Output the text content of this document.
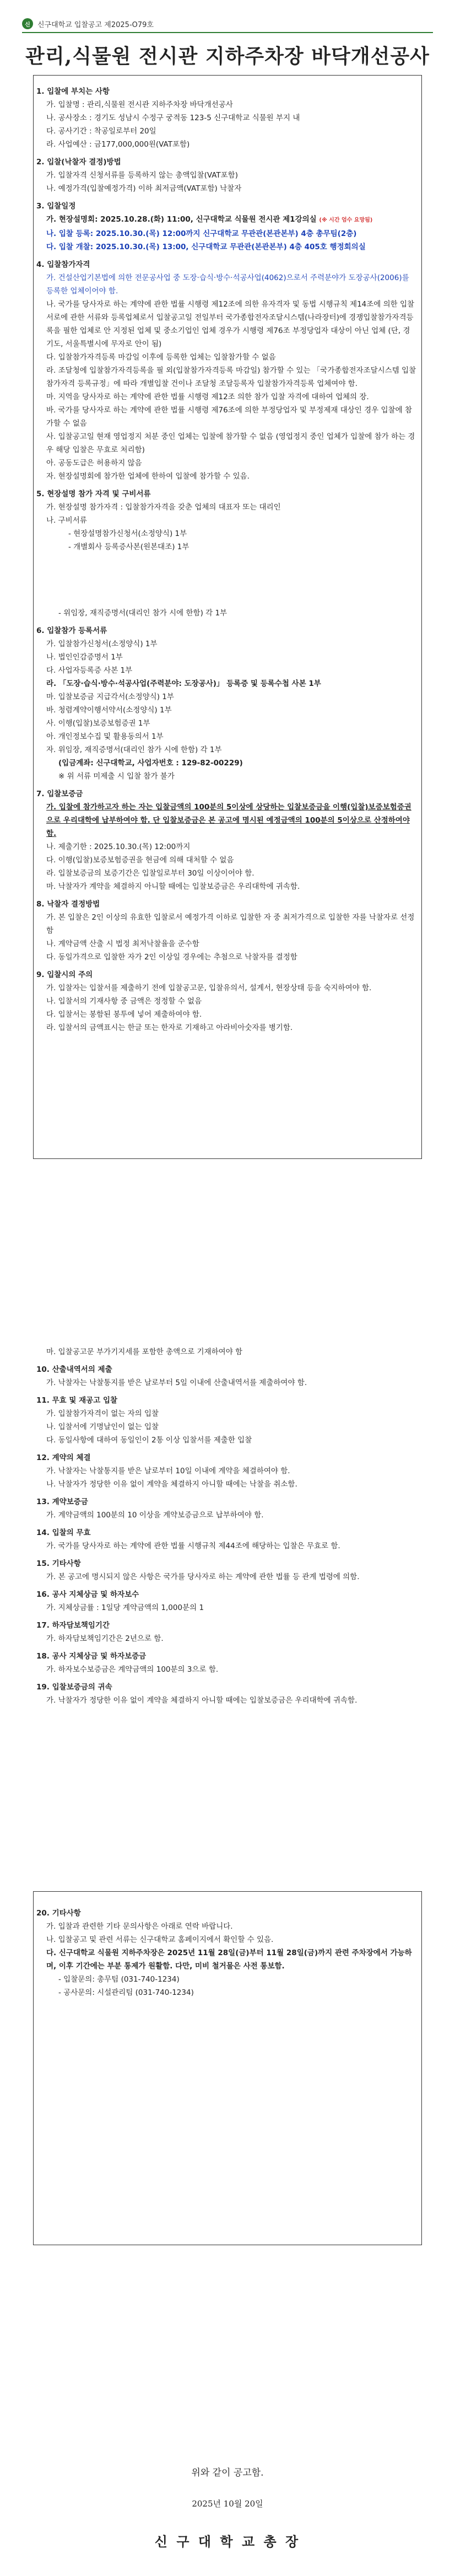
신	신구대학교 입찰공고 제2025-O79호
관리,식물원 전시관 지하주차장 바닥개선공사

1. 입찰에 부치는 사항

가. 입찰명 : 관리,식물원 전시관 지하주차장 바닥개선공사

나. 공사장소 : 경기도 성남시 수정구 궁적동 123-5 신구대학교 식물원 부지 내

다. 공사기간 : 착공일로부터 20일

라. 사업예산 : 금177,000,000원(VAT포함)

2. 입찰(낙찰자 결정)방법

가. 입찰자격 신청서류를 등록하지 않는 총액입찰(VAT포함)

나. 예정가격(입찰예정가격) 이하 최저금액(VAT포함) 낙찰자

3. 입찰일정

가. 현장설명회: 2025.10.28.(화) 11:00, 신구대학교 식물원 전시관 제1강의실 (※ 시간 엄수 요망됨)

나. 입찰 등록: 2025.10.30.(목) 12:00까지 신구대학교 무관관(본관본부) 4층 총무팀(2층)

다. 입찰 개찰: 2025.10.30.(목) 13:00, 신구대학교 무관관(본관본부) 4층 405호 행정회의실

4. 입찰참가자격

가. 건설산업기본법에 의한 전문공사업 중 도장·습식·방수·석공사업(4062)으로서 주력분야가 도장공사(2006)를 등록한 업체이어야 함.

나. 국가를 당사자로 하는 계약에 관한 법률 시행령 제12조에 의한 유자격자 및 동법 시행규칙 제14조에 의한 입찰서로에 관한 서류와 등록업체로서 입찰공고일 전일부터 국가종합전자조달시스템(나라장터)에 경쟁입찰참가자격등록을 필한 업체로 안 지정된 업체 및 중소기업인 업체 경우가 시행령 제76조 부정당업자 대상이 아닌 업체 (단, 경기도, 서울특별시에 무자로 안이 됨)

다. 입찰참가자격등록 마감일 이후에 등록한 업체는 입찰참가할 수 없음

라. 조달청에 입찰참가자격등록을 필 외(입찰참가자격등록 마감일) 참가할 수 있는 「국가종합전자조달시스템 입찰참가자격 등록규정」에 따라 개별입찰 건이나 조달청 조달등록자 입찰참가자격등록 업체여야 함.

마. 지역을 당사자로 하는 계약에 관한 법률 시행령 제12조 의한 참가 입찰 자격에 대하여 업체의 장.

바. 국가를 당사자로 하는 계약에 관한 법률 시행령 제76조에 의한 부정당업자 및 부정제재 대상인 경우 입찰에 참가할 수 없음

사. 입찰공고일 현재 영업정지 처분 중인 업체는 입찰에 참가할 수 없음 (영업정지 중인 업체가 입찰에 참가 하는 경우 해당 입찰은 무효로 처리함)

아. 공동도급은 허용하지 않음

자. 현장설명회에 참가한 업체에 한하여 입찰에 참가할 수 있음.

5. 현장설명 참가 자격 및 구비서류

가. 현장설명 참가자격 : 입찰참가자격을 갖춘 업체의 대표자 또는 대리인

나. 구비서류

- 현장설명참가신청서(소정양식) 1부

- 개별회사 등록증사본(원본대조) 1부

- 위임장, 재직증명서(대리인 참가 시에 한함) 각 1부

6. 입찰참가 등록서류

가. 입찰참가신청서(소정양식) 1부

나. 법인인감증명서 1부

다. 사업자등록증 사본 1부

라. 「도장·습식·방수·석공사업(주력분야: 도장공사)」 등록증 및 등록수첩 사본 1부

마. 입찰보증금 지급각서(소정양식) 1부

바. 청렴계약이행서약서(소정양식) 1부

사. 이행(입찰)보증보험증권 1부

아. 개인정보수집 및 활용동의서 1부

자. 위임장, 재직증명서(대리인 참가 시에 한함) 각 1부

(입금계좌: 신구대학교, 사업자번호 : 129-82-00229)

※ 위 서류 미제출 시 입찰 참가 불가

7. 입찰보증금

가. 입찰에 참가하고자 하는 자는 입찰금액의 100분의 5이상에 상당하는 입찰보증금을 이행(입찰)보증보험증권으로 우리대학에 납부하여야 함. 단 입찰보증금은 본 공고에 명시된 예정금액의 100분의 5이상으로 산정하여야 함.

나. 제출기한 : 2025.10.30.(목) 12:00까지

다. 이행(입찰)보증보험증권을 현금에 의해 대처할 수 없음

라. 입찰보증금의 보증기간은 입찰일로부터 30일 이상이어야 함.

마. 낙찰자가 계약을 체결하지 아니할 때에는 입찰보증금은 우리대학에 귀속함.

8. 낙찰자 결정방법

가. 본 입찰은 2인 이상의 유효한 입찰로서 예정가격 이하로 입찰한 자 중 최저가격으로 입찰한 자를 낙찰자로 선정함

나. 계약금액 산출 시 법정 최저낙찰율을 준수함

다. 동일가격으로 입찰한 자가 2인 이상일 경우에는 추첨으로 낙찰자를 결정함

9. 입찰시의 주의

가. 입찰자는 입찰서를 제출하기 전에 입찰공고문, 입찰유의서, 설계서, 현장상태 등을 숙지하여야 함.

나. 입찰서의 기재사항 중 금액은 정정할 수 없음

다. 입찰서는 봉함된 봉투에 넣어 제출하여야 함.

라. 입찰서의 금액표시는 한글 또는 한자로 기재하고 아라비아숫자를 병기함.

마. 입찰공고문 부가기지세를 포함한 총액으로 기재하여야 함

10. 산출내역서의 제출

가. 낙찰자는 낙찰통지를 받은 날로부터 5일 이내에 산출내역서를 제출하여야 함.

11. 무효 및 재공고 입찰

가. 입찰참가자격이 없는 자의 입찰

나. 입찰서에 기명날인이 없는 입찰

다. 동일사항에 대하여 동일인이 2통 이상 입찰서를 제출한 입찰

12. 계약의 체결

가. 낙찰자는 낙찰통지를 받은 날로부터 10일 이내에 계약을 체결하여야 함.

나. 낙찰자가 정당한 이유 없이 계약을 체결하지 아니할 때에는 낙찰을 취소함.

13. 계약보증금

가. 계약금액의 100분의 10 이상을 계약보증금으로 납부하여야 함.

14. 입찰의 무효

가. 국가를 당사자로 하는 계약에 관한 법률 시행규칙 제44조에 해당하는 입찰은 무효로 함.

15. 기타사항

가. 본 공고에 명시되지 않은 사항은 국가를 당사자로 하는 계약에 관한 법률 등 관계 법령에 의함.

16. 공사 지체상금 및 하자보수

가. 지체상금률 : 1일당 계약금액의 1,000분의 1

17. 하자담보책임기간

가. 하자담보책임기간은 2년으로 함.

18. 공사 지체상금 및 하자보증금

가. 하자보수보증금은 계약금액의 100분의 3으로 함.

19. 입찰보증금의 귀속

가. 낙찰자가 정당한 이유 없이 계약을 체결하지 아니할 때에는 입찰보증금은 우리대학에 귀속함.

20. 기타사항

가. 입찰과 관련한 기타 문의사항은 아래로 연락 바랍니다.

나. 입찰공고 및 관련 서류는 신구대학교 홈페이지에서 확인할 수 있음.

다. 신구대학교 식물원 지하주차장은 2025년 11월 28일(금)부터 11월 28일(금)까지 관련 주차장에서 가능하며, 이후 기간에는 부분 통제가 원활함. 다만, 미비 철거물은 사전 통보함.

- 입찰문의: 총무팀 (031-740-1234)

- 공사문의: 시설관리팀 (031-740-1234)

위와 같이 공고함.
2025년 10월 20일
신 구 대 학 교 총 장
